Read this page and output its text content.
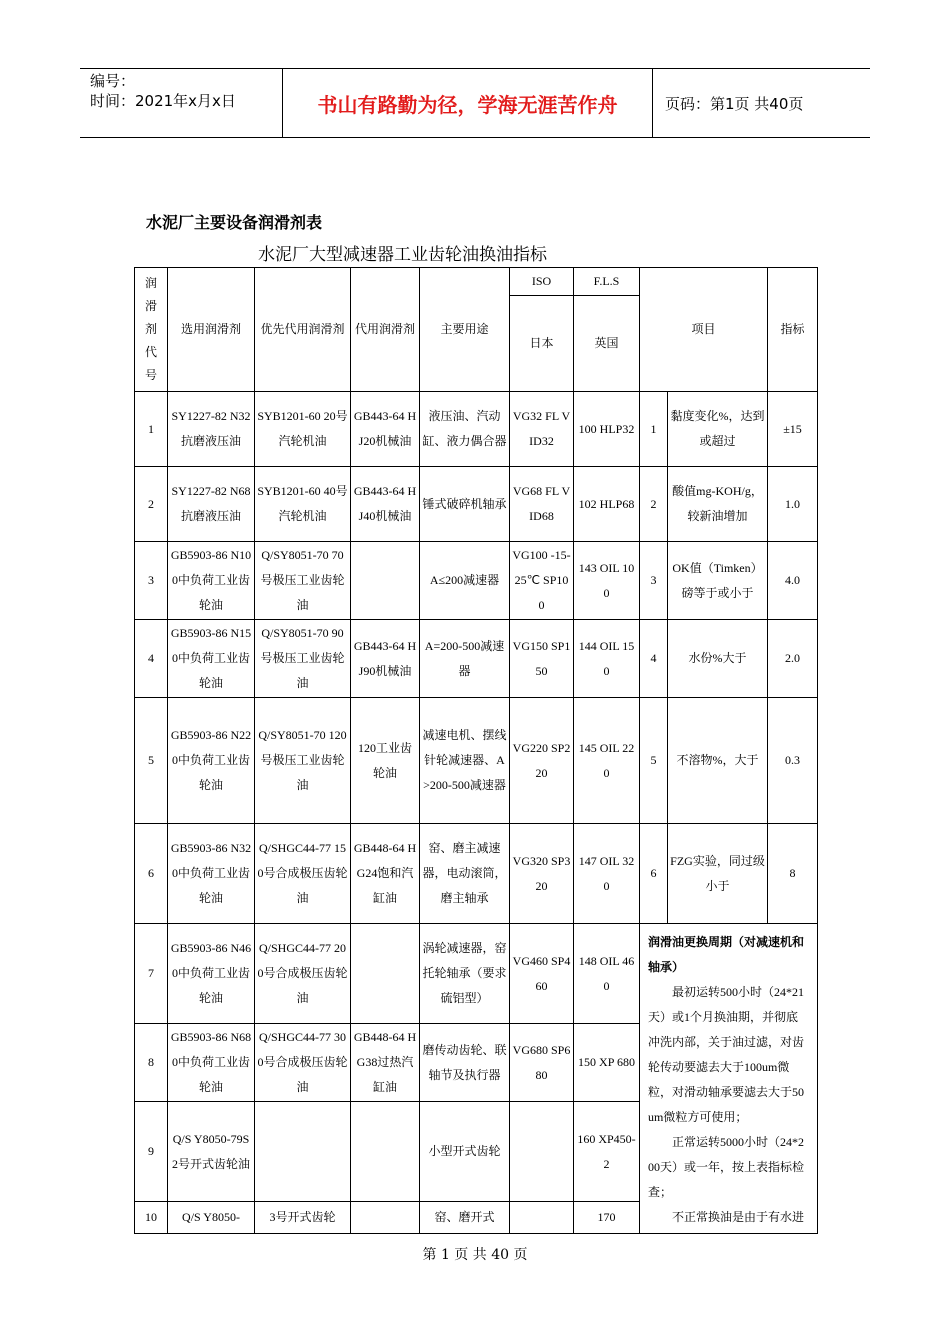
编号：
时间：2021年x月x日	书山有路勤为径，学海无涯苦作舟	页码：第1页 共40页
水泥厂主要设备润滑剂表
水泥厂大型减速器工业齿轮油换油指标
润滑剂代号	选用润滑剂	优先代用润滑剂	代用润滑剂	主要用途	ISO	F.L.S	项目		指标
					日本	英国			
1	SY1227-82 N32抗磨液压油	SYB1201-60 20号汽轮机油	GB443-64 HJ20机械油	液压油、汽动缸、液力偶合器	VG32 FL VID32	100 HLP32	1	黏度变化%，达到或超过	±15
2	SY1227-82 N68抗磨液压油	SYB1201-60 40号汽轮机油	GB443-64 HJ40机械油	锤式破碎机轴承	VG68 FL VID68	102 HLP68	2	酸值mg-KOH/g，较新油增加	1.0
3	GB5903-86 N100中负荷工业齿轮油	Q/SY8051-70 70号极压工业齿轮油		A≤200减速器	VG100 -15-25℃ SP100	143 OIL 100	3	OK值（Timken）磅等于或小于	4.0
4	GB5903-86 N150中负荷工业齿轮油	Q/SY8051-70 90号极压工业齿轮油	GB443-64 HJ90机械油	A=200-500减速器	VG150 SP150	144 OIL 150	4	水份%大于	2.0
5	GB5903-86 N220中负荷工业齿轮油	Q/SY8051-70 120号极压工业齿轮油	120工业齿轮油	减速电机、摆线针轮减速器、A>200-500减速器	VG220 SP220	145 OIL 220	5	不溶物%，大于	0.3
6	GB5903-86 N320中负荷工业齿轮油	Q/SHGC44-77 150号合成极压齿轮油	GB448-64 HG24饱和汽缸油	窑、磨主减速器，电动滚筒，磨主轴承	VG320 SP320	147 OIL 320	6	FZG实验，同过级小于	8
7	GB5903-86 N460中负荷工业齿轮油	Q/SHGC44-77 200号合成极压齿轮油		涡轮减速器，窑托轮轴承（要求硫铝型）	VG460 SP460	148 OIL 460	润滑油更换周期（对减速机和轴承）
最初运转500小时（24*21天）或1个月换油期，并彻底冲洗内部，关于油过滤，对齿轮传动要滤去大于100um微粒，对滑动轴承要滤去大于50um微粒方可使用；
正常运转5000小时（24*200天）或一年，按上表指标检查；
不正常换油是由于有水进		

8	GB5903-86 N680中负荷工业齿轮油	Q/SHGC44-77 300号合成极压齿轮油	GB448-64 HG38过热汽缸油	磨传动齿轮、联轴节及执行器	VG680 SP680	150 XP 680			
9	Q/S Y8050-79S 2号开式齿轮油			小型开式齿轮		160 XP450-2			
10	Q/S Y8050-	3号开式齿轮		窑、磨开式		170			
第 1 页 共 40 页
